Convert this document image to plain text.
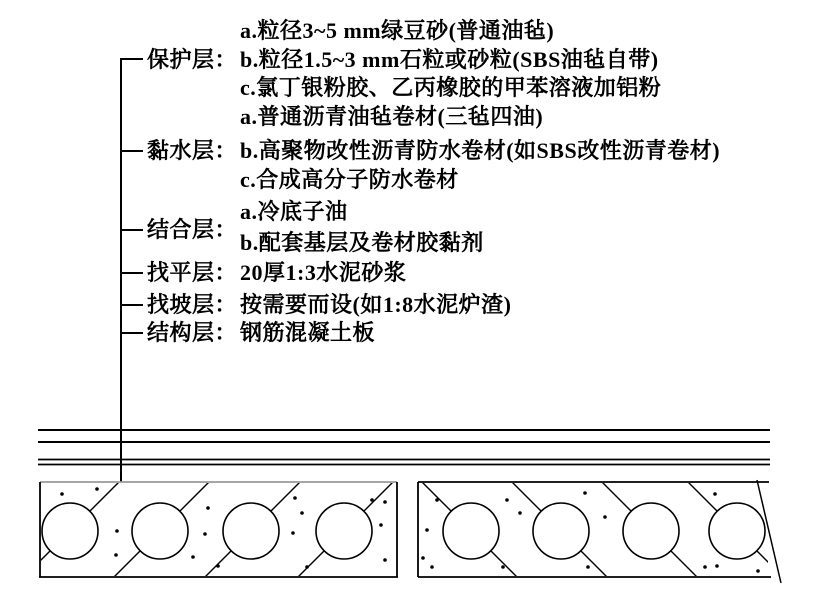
保护层：
黏水层：
结合层：
找平层：
找坡层：
结构层：
a.粒径3~5 mm绿豆砂(普通油毡)
b.粒径1.5~3 mm石粒或砂粒(SBS油毡自带)
c.氯丁银粉胶、乙丙橡胶的甲苯溶液加铝粉
a.普通沥青油毡卷材(三毡四油)
b.高聚物改性沥青防水卷材(如SBS改性沥青卷材)
c.合成高分子防水卷材
a.冷底子油
b.配套基层及卷材胶黏剂
20厚1:3水泥砂浆
按需要而设(如1:8水泥炉渣)
钢筋混凝土板
